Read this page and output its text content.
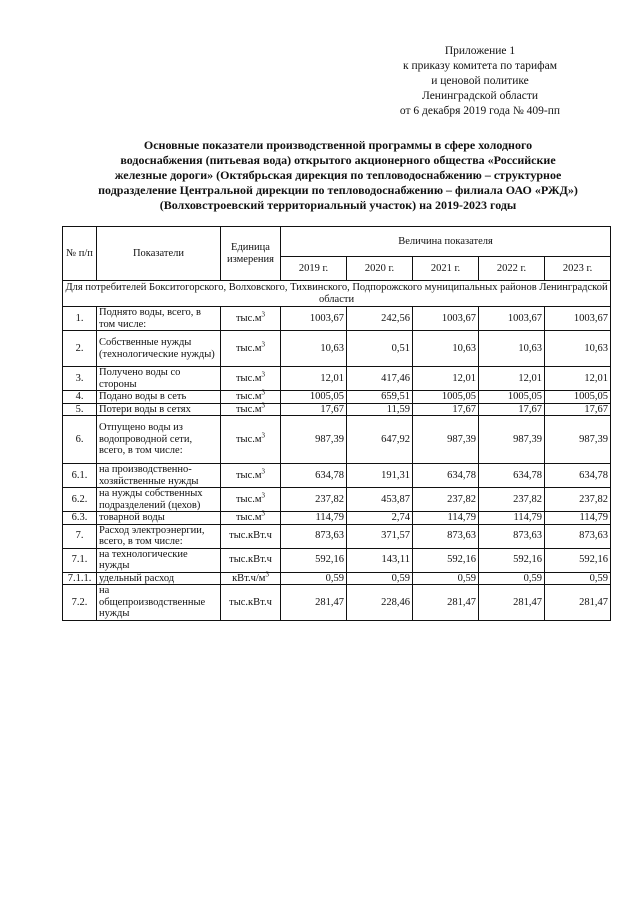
Приложение 1
к приказу комитета по тарифам
и ценовой политике
Ленинградской области
от 6 декабря 2019 года № 409-пп
Основные показатели производственной программы в сфере холодного
водоснабжения (питьевая вода) открытого акционерного общества «Российские
железные дороги» (Октябрьская дирекция по тепловодоснабжению – структурное
подразделение Центральной дирекции по тепловодоснабжению – филиала ОАО «РЖД»)
(Волховстроевский территориальный участок) на 2019-2023 годы
№ п/п	Показатели	Единица измерения	Величина показателя				
			2019 г.	2020 г.	2021 г.	2022 г.	2023 г.
Для потребителей Бокситогорского, Волховского, Тихвинского, Подпорожского муниципальных районов Ленинградской области							
1.	Поднято воды, всего, в том числе:	$тыс.м^3$	1003,67	242,56	1003,67	1003,67	1003,67
2.	Собственные нужды (технологические нужды)	$тыс.м^3$	10,63	0,51	10,63	10,63	10,63
3.	Получено воды со стороны	$тыс.м^3$	12,01	417,46	12,01	12,01	12,01
4.	Подано воды в сеть	$тыс.м^3$	1005,05	659,51	1005,05	1005,05	1005,05
5.	Потери воды в сетях	$тыс.м^3$	17,67	11,59	17,67	17,67	17,67
6.	Отпущено воды из водопроводной сети, всего, в том числе:	$тыс.м^3$	987,39	647,92	987,39	987,39	987,39
6.1.	на производственно-хозяйственные нужды	$тыс.м^3$	634,78	191,31	634,78	634,78	634,78
6.2.	на нужды собственных подразделений (цехов)	$тыс.м^3$	237,82	453,87	237,82	237,82	237,82
6.3.	товарной воды	$тыс.м^3$	114,79	2,74	114,79	114,79	114,79
7.	Расход электроэнергии, всего, в том числе:	тыс.кВт.ч	873,63	371,57	873,63	873,63	873,63
7.1.	на технологические нужды	тыс.кВт.ч	592,16	143,11	592,16	592,16	592,16
7.1.1.	удельный расход	$кВт.ч/м^3$	0,59	0,59	0,59	0,59	0,59
7.2.	на общепроизводственные нужды	тыс.кВт.ч	281,47	228,46	281,47	281,47	281,47
